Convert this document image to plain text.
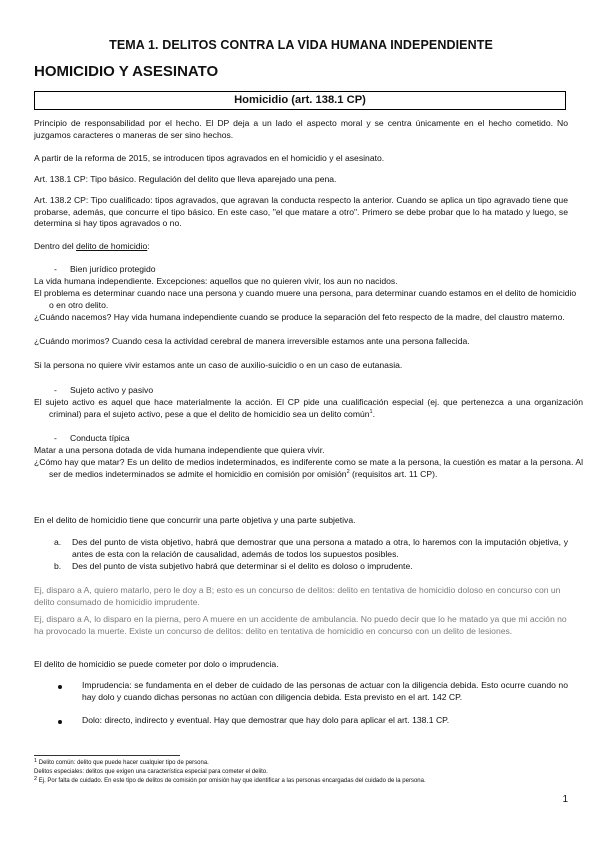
TEMA 1. DELITOS CONTRA LA VIDA HUMANA INDEPENDIENTE
HOMICIDIO Y ASESINATO
Homicidio (art. 138.1 CP)
Principio de responsabilidad por el hecho. El DP deja a un lado el aspecto moral y se centra únicamente en el hecho cometido. No juzgamos caracteres o maneras de ser sino hechos.
A partir de la reforma de 2015, se introducen tipos agravados en el homicidio y el asesinato.
Art. 138.1 CP: Tipo básico. Regulación del delito que lleva aparejado una pena.
Art. 138.2 CP: Tipo cualificado: tipos agravados, que agravan la conducta respecto la anterior. Cuando se aplica un tipo agravado tiene que probarse, además, que concurre el tipo básico. En este caso, "el que matare a otro". Primero se debe probar que lo ha matado y luego, se determina si hay tipos agravados o no.
Dentro del delito de homicidio:
- Bien jurídico protegido
La vida humana independiente. Excepciones: aquellos que no quieren vivir, los aun no nacidos.
El problema es determinar cuando nace una persona y cuando muere una persona, para determinar cuando estamos en el delito de homicidio o en otro delito.
¿Cuándo nacemos? Hay vida humana independiente cuando se produce la separación del feto respecto de la madre, del claustro materno.
¿Cuándo morimos? Cuando cesa la actividad cerebral de manera irreversible estamos ante una persona fallecida.
Si la persona no quiere vivir estamos ante un caso de auxilio-suicidio o en un caso de eutanasia.
- Sujeto activo y pasivo
El sujeto activo es aquel que hace materialmente la acción. El CP pide una cualificación especial (ej. que pertenezca a una organización criminal) para el sujeto activo, pese a que el delito de homicidio sea un delito común$^1$.
- Conducta típica
Matar a una persona dotada de vida humana independiente que quiera vivir.
¿Cómo hay que matar? Es un delito de medios indeterminados, es indiferente como se mate a la persona, la cuestión es matar a la persona. Al ser de medios indeterminados se admite el homicidio en comisión por omisión$^2$ (requisitos art. 11 CP).
En el delito de homicidio tiene que concurrir una parte objetiva y una parte subjetiva.
a. Des del punto de vista objetivo, habrá que demostrar que una persona a matado a otra, lo haremos con la imputación objetiva, y antes de esta con la relación de causalidad, además de todos los supuestos posibles.
b. Des del punto de vista subjetivo habrá que determinar si el delito es doloso o imprudente.
Ej, disparo a A, quiero matarlo, pero le doy a B; esto es un concurso de delitos: delito en tentativa de homicidio doloso en concurso con un delito consumado de homicidio imprudente.
Ej, disparo a A, lo disparo en la pierna, pero A muere en un accidente de ambulancia. No puedo decir que lo he matado ya que mi acción no ha provocado la muerte. Existe un concurso de delitos: delito en tentativa de homicidio en concurso con un delito de lesiones.
El delito de homicidio se puede cometer por dolo o imprudencia.
Imprudencia: se fundamenta en el deber de cuidado de las personas de actuar con la diligencia debida. Esto ocurre cuando no hay dolo y cuando dichas personas no actúan con diligencia debida. Esta previsto en el art. 142 CP.
Dolo: directo, indirecto y eventual. Hay que demostrar que hay dolo para aplicar el art. 138.1 CP.
$^1$ Delito común: delito que puede hacer cualquier tipo de persona.
Delitos especiales: delitos que exigen una característica especial para cometer el delito.
$^2$ Ej. Por falta de cuidado. En este tipo de delitos de comisión por omisión hay que identificar a las personas encargadas del cuidado de la persona.
1
